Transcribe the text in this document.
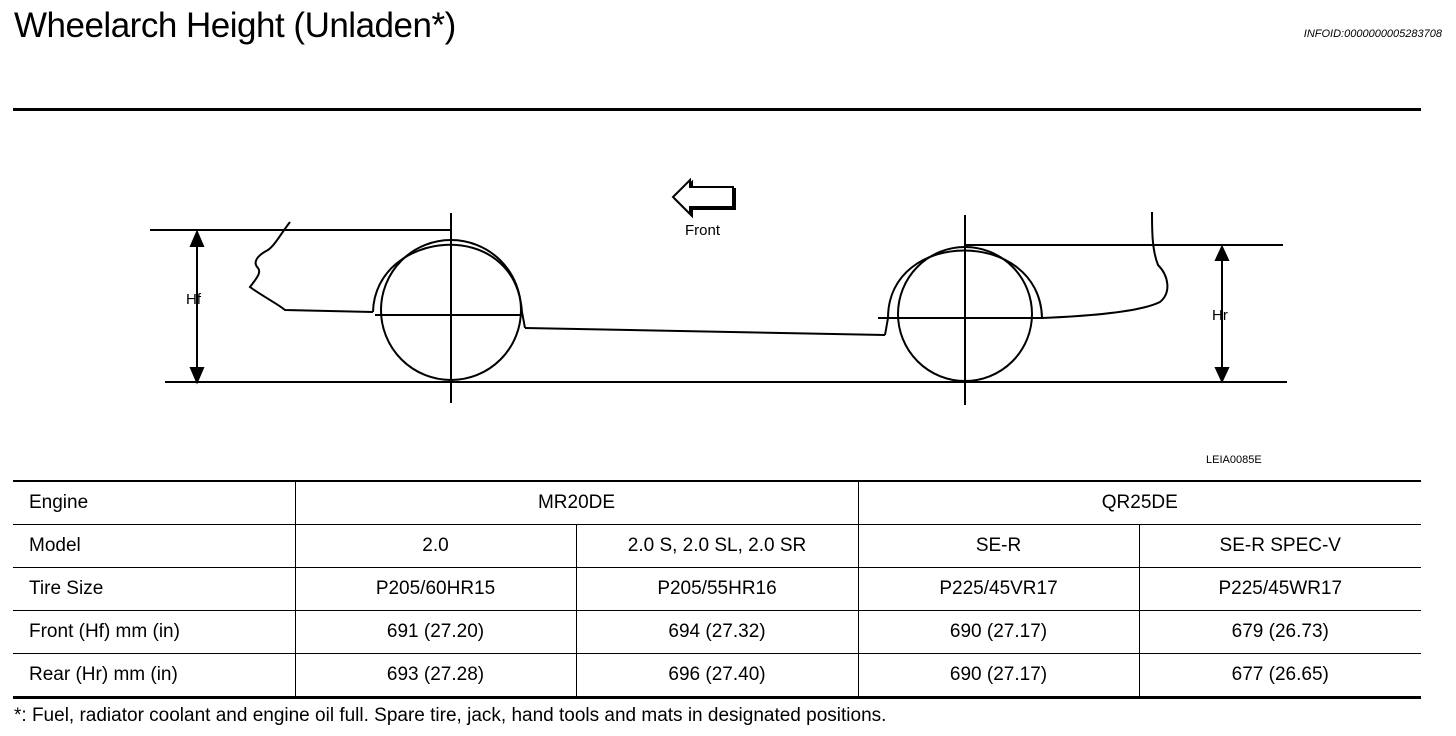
Wheelarch Height (Unladen*)	INFOID:0000000005283708
Front
Hf
Hr
LEIA0085E
Engine	MR20DE		QR25DE	
Model	2.0	2.0 S, 2.0 SL, 2.0 SR	SE-R	SE-R SPEC-V
Tire Size	P205/60HR15	P205/55HR16	P225/45VR17	P225/45WR17
Front (Hf) mm (in)	691 (27.20)	694 (27.32)	690 (27.17)	679 (26.73)
Rear (Hr) mm (in)	693 (27.28)	696 (27.40)	690 (27.17)	677 (26.65)
*: Fuel, radiator coolant and engine oil full. Spare tire, jack, hand tools and mats in designated positions.
